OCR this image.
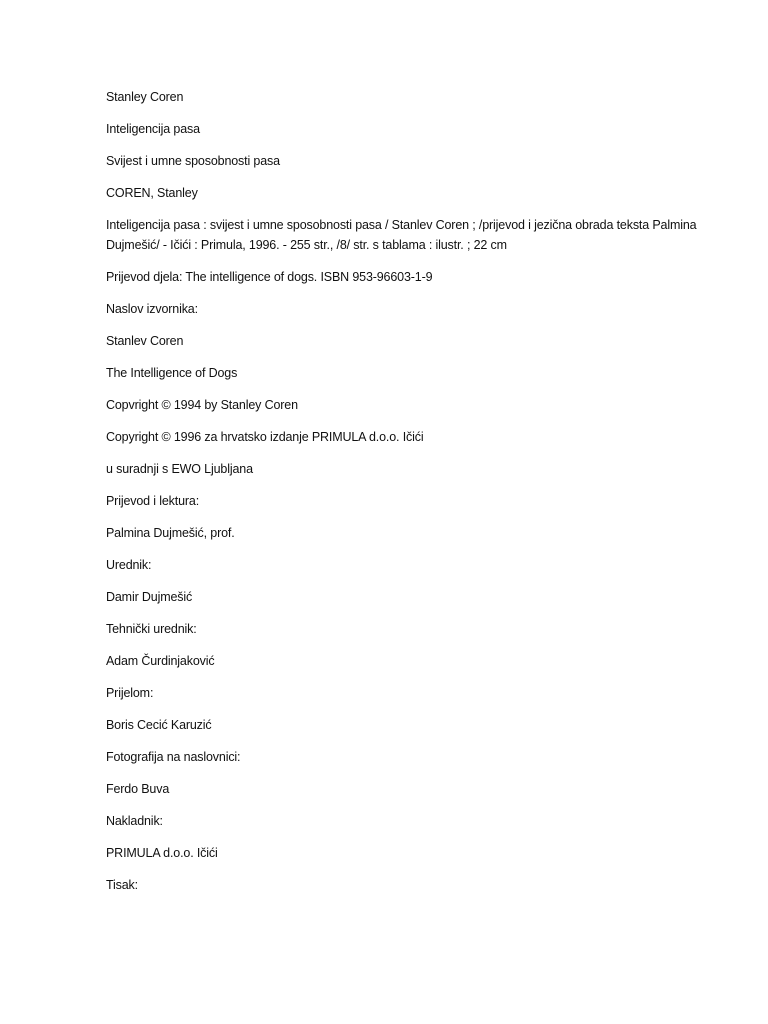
Stanley Coren

Inteligencija pasa

Svijest i umne sposobnosti pasa

COREN, Stanley

Inteligencija pasa : svijest i umne sposobnosti pasa / Stanlev Coren ; /prijevod i jezična obrada teksta Palmina Dujmešić/ - Ičići : Primula, 1996. - 255 str., /8/ str. s tablama : ilustr. ; 22 cm

Prijevod djela: The intelligence of dogs. ISBN 953-96603-1-9

Naslov izvornika:

Stanlev Coren

The Intelligence of Dogs

Copvright © 1994 by Stanley Coren

Copyright © 1996 za hrvatsko izdanje PRIMULA d.o.o. Ičići

u suradnji s EWO Ljubljana

Prijevod i lektura:

Palmina Dujmešić, prof.

Urednik:

Damir Dujmešić

Tehnički urednik:

Adam Čurdinjaković

Prijelom:

Boris Cecić Karuzić

Fotografija na naslovnici:

Ferdo Buva

Nakladnik:

PRIMULA d.o.o. Ičići

Tisak:
